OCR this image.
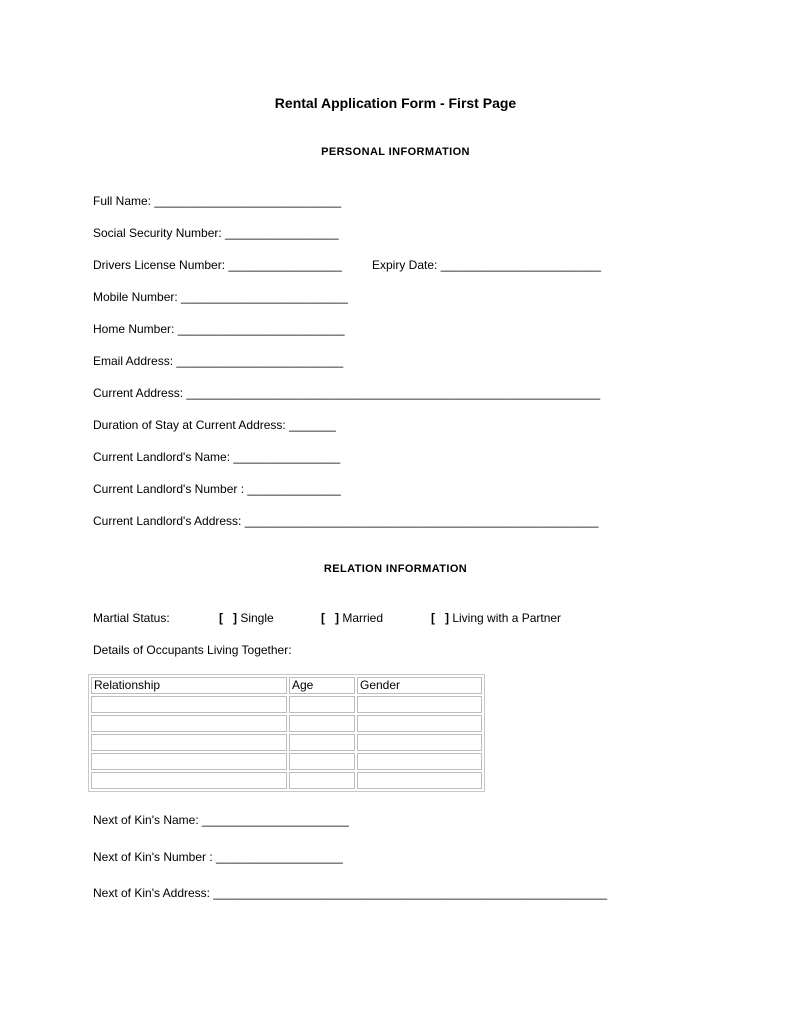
Rental Application Form - First Page
PERSONAL INFORMATION
Full Name: ____________________________
Social Security Number: _________________
Drivers License Number: _________________	Expiry Date: ________________________
Mobile Number: _________________________
Home Number: _________________________
Email Address: _________________________
Current Address: ______________________________________________________________
Duration of Stay at Current Address: _______
Current Landlord's Name: ________________
Current Landlord's Number : ______________
Current Landlord's Address: _____________________________________________________
RELATION INFORMATION
Martial Status:	[   ] Single	[   ] Married	[   ] Living with a Partner
Details of Occupants Living Together:
Relationship	Age	Gender

Next of Kin's Name: ______________________
Next of Kin's Number : ___________________
Next of Kin's Address: ___________________________________________________________
